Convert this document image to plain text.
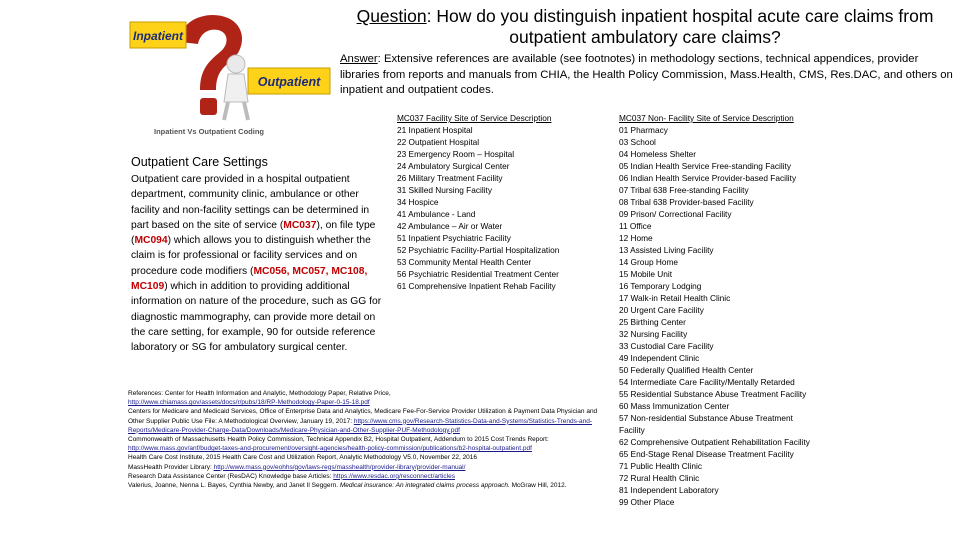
Question: How do you distinguish inpatient hospital acute care claims from outpatient ambulatory care claims?
Answer: Extensive references are available (see footnotes) in methodology sections, technical appendices, provider libraries from reports and manuals from CHIA, the Health Policy Commission, Mass.Health, CMS, Res.DAC, and others on inpatient and outpatient codes.
Inpatient
Outpatient
Inpatient Vs Outpatient Coding
Outpatient Care Settings
Outpatient care provided in a hospital outpatient department, community clinic, ambulance or other facility and non-facility settings can be determined in part based on the site of service (MC037), on file type (MC094) which allows you to distinguish whether the claim is for professional or facility services and on procedure code modifiers (MC056, MC057, MC108, MC109) which in addition to providing additional information on nature of the procedure, such as GG for diagnostic mammography, can provide more detail on the care setting, for example, 90 for outside reference laboratory or SG for ambulatory surgical center.
MC037 Facility Site of Service Description
21 Inpatient Hospital
22 Outpatient Hospital
23 Emergency Room – Hospital
24 Ambulatory Surgical Center
26 Military Treatment Facility
31 Skilled Nursing Facility
34 Hospice
41 Ambulance - Land
42 Ambulance – Air or Water
51 Inpatient Psychiatric Facility
52 Psychiatric Facility-Partial Hospitalization
53 Community Mental Health Center
56 Psychiatric Residential Treatment Center
61 Comprehensive Inpatient Rehab Facility
MC037 Non- Facility Site of Service Description
01 Pharmacy
03 School
04 Homeless Shelter
05 Indian Health Service Free-standing Facility
06 Indian Health Service Provider-based Facility
07 Tribal 638 Free-standing Facility
08 Tribal 638 Provider-based Facility
09 Prison/ Correctional Facility
11 Office
12 Home
13 Assisted Living Facility
14 Group Home
15 Mobile Unit
16 Temporary Lodging
17 Walk-in Retail Health Clinic
20 Urgent Care Facility
25 Birthing Center
32 Nursing Facility
33 Custodial Care Facility
49 Independent Clinic
50 Federally Qualified Health Center
54 Intermediate Care Facility/Mentally Retarded
55 Residential Substance Abuse Treatment Facility
60 Mass Immunization Center
57 Non-residential Substance Abuse Treatment Facility
62 Comprehensive Outpatient Rehabilitation Facility
65 End-Stage Renal Disease Treatment Facility
71 Public Health Clinic
72 Rural Health Clinic
81 Independent Laboratory
99 Other Place
References: Center for Health Information and Analytic, Methodology Paper, Relative Price,
http://www.chiamass.gov/assets/docs/r/pubs/18/RP-Methodology-Paper-0-15-18.pdf
Centers for Medicare and Medicaid Services, Office of Enterprise Data and Analytics, Medicare Fee-For-Service Provider Utilization & Payment Data Physician and Other Supplier Public Use File: A Methodological Overview, January 19, 2017: https://www.cms.gov/Research-Statistics-Data-and-Systems/Statistics-Trends-and-Reports/Medicare-Provider-Charge-Data/Downloads/Medicare-Physician-and-Other-Supplier-PUF-Methodology.pdf
Commonwealth of Massachusetts Health Policy Commission, Technical Appendix B2, Hospital Outpatient, Addendum to 2015 Cost Trends Report: http://www.mass.gov/anf/budget-taxes-and-procurement/oversight-agencies/health-policy-commission/publications/b2-hospital-outpatient.pdf
Health Care Cost Institute, 2015 Health Care Cost and Utilization Report, Analytic Methodology V5.0, November 22, 2016
MassHealth Provider Library: http://www.mass.gov/eohhs/gov/laws-regs/masshealth/provider-library/provider-manual/
Research Data Assistance Center (ResDAC) Knowledge base Articles: https://www.resdac.org/resconnect/articles
Valerius, Joanne, Nenna L. Bayes, Cynthia Newby, and Janet Il Seggern. Medical insurance: An integrated claims process approach. McGraw Hill, 2012.
